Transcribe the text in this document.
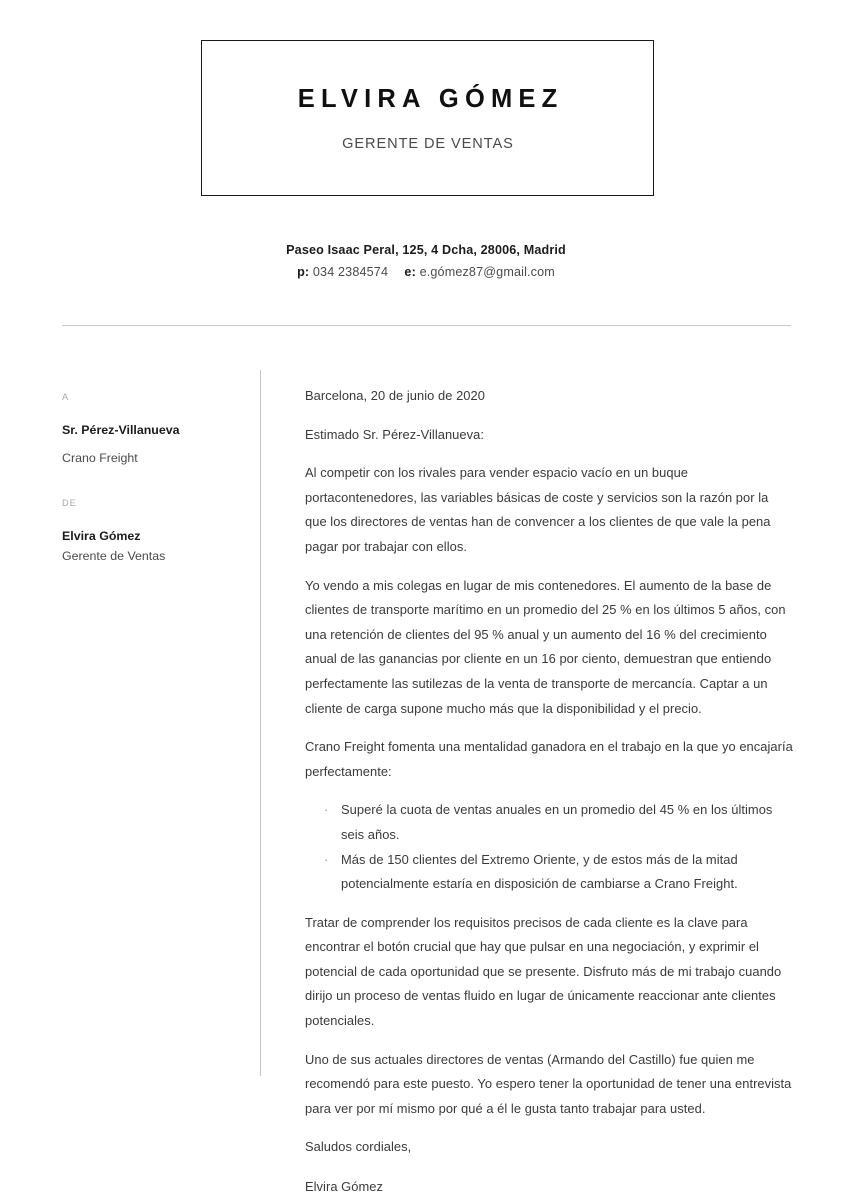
ELVIRA GÓMEZ
GERENTE DE VENTAS
Paseo Isaac Peral, 125, 4 Dcha, 28006, Madrid
p: 034 2384574 e: e.gómez87@gmail.com
A
Sr. Pérez-Villanueva
Crano Freight
DE
Elvira Gómez
Gerente de Ventas

Barcelona, 20 de junio de 2020

Estimado Sr. Pérez-Villanueva:

Al competir con los rivales para vender espacio vacío en un buque portacontenedores, las variables básicas de coste y servicios son la razón por la que los directores de ventas han de convencer a los clientes de que vale la pena pagar por trabajar con ellos.

Yo vendo a mis colegas en lugar de mis contenedores. El aumento de la base de clientes de transporte marítimo en un promedio del 25 % en los últimos 5 años, con una retención de clientes del 95 % anual y un aumento del 16 % del crecimiento anual de las ganancias por cliente en un 16 por ciento, demuestran que entiendo perfectamente las sutilezas de la venta de transporte de mercancía. Captar a un cliente de carga supone mucho más que la disponibilidad y el precio.

Crano Freight fomenta una mentalidad ganadora en el trabajo en la que yo encajaría perfectamente:

· Superé la cuota de ventas anuales en un promedio del 45 % en los últimos seis años.
· Más de 150 clientes del Extremo Oriente, y de estos más de la mitad potencialmente estaría en disposición de cambiarse a Crano Freight.

Tratar de comprender los requisitos precisos de cada cliente es la clave para encontrar el botón crucial que hay que pulsar en una negociación, y exprimir el potencial de cada oportunidad que se presente. Disfruto más de mi trabajo cuando dirijo un proceso de ventas fluido en lugar de únicamente reaccionar ante clientes potenciales.

Uno de sus actuales directores de ventas (Armando del Castillo) fue quien me recomendó para este puesto. Yo espero tener la oportunidad de tener una entrevista para ver por mí mismo por qué a él le gusta tanto trabajar para usted.

Saludos cordiales,

Elvira Gómez
